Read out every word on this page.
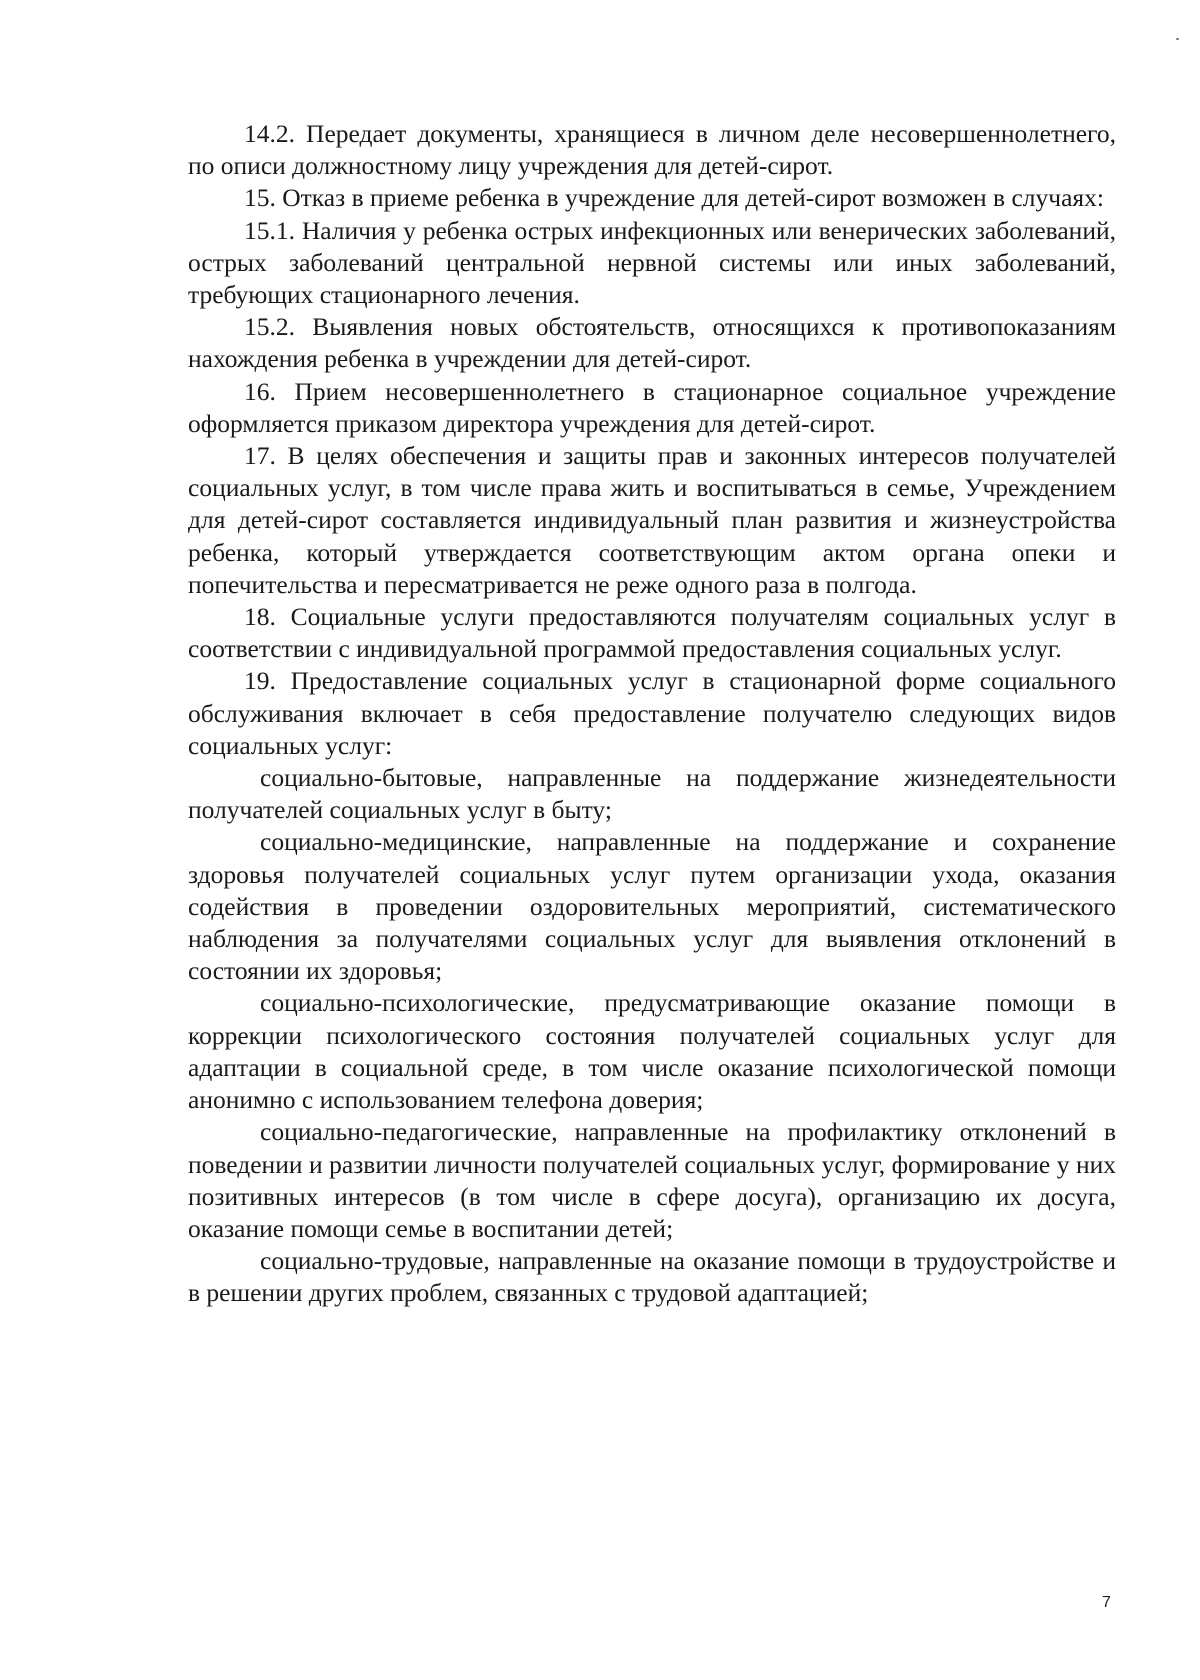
14.2. Передает документы, хранящиеся в личном деле несовершеннолетнего, по описи должностному лицу учреждения для детей-сирот.

15. Отказ в приеме ребенка в учреждение для детей-сирот возможен в случаях:

15.1. Наличия у ребенка острых инфекционных или венерических заболеваний, острых заболеваний центральной нервной системы или иных заболеваний, требующих стационарного лечения.

15.2. Выявления новых обстоятельств, относящихся к противопоказаниям нахождения ребенка в учреждении для детей-сирот.

16. Прием несовершеннолетнего в стационарное социальное учреждение оформляется приказом директора учреждения для детей-сирот.

17. В целях обеспечения и защиты прав и законных интересов получателей социальных услуг, в том числе права жить и воспитываться в семье, Учреждением для детей-сирот составляется индивидуальный план развития и жизнеустройства ребенка, который утверждается соответствующим актом органа опеки и попечительства и пересматривается не реже одного раза в полгода.

18. Социальные услуги предоставляются получателям социальных услуг в соответствии с индивидуальной программой предоставления социальных услуг.

19. Предоставление социальных услуг в стационарной форме социального обслуживания включает в себя предоставление получателю следующих видов социальных услуг:

социально-бытовые, направленные на поддержание жизнедеятельности получателей социальных услуг в быту;

социально-медицинские, направленные на поддержание и сохранение здоровья получателей социальных услуг путем организации ухода, оказания содействия в проведении оздоровительных мероприятий, систематического наблюдения за получателями социальных услуг для выявления отклонений в состоянии их здоровья;

социально-психологические, предусматривающие оказание помощи в коррекции психологического состояния получателей социальных услуг для адаптации в социальной среде, в том числе оказание психологической помощи анонимно с использованием телефона доверия;

социально-педагогические, направленные на профилактику отклонений в поведении и развитии личности получателей социальных услуг, формирование у них позитивных интересов (в том числе в сфере досуга), организацию их досуга, оказание помощи семье в воспитании детей;

социально-трудовые, направленные на оказание помощи в трудоустройстве и в решении других проблем, связанных с трудовой адаптацией;

7
